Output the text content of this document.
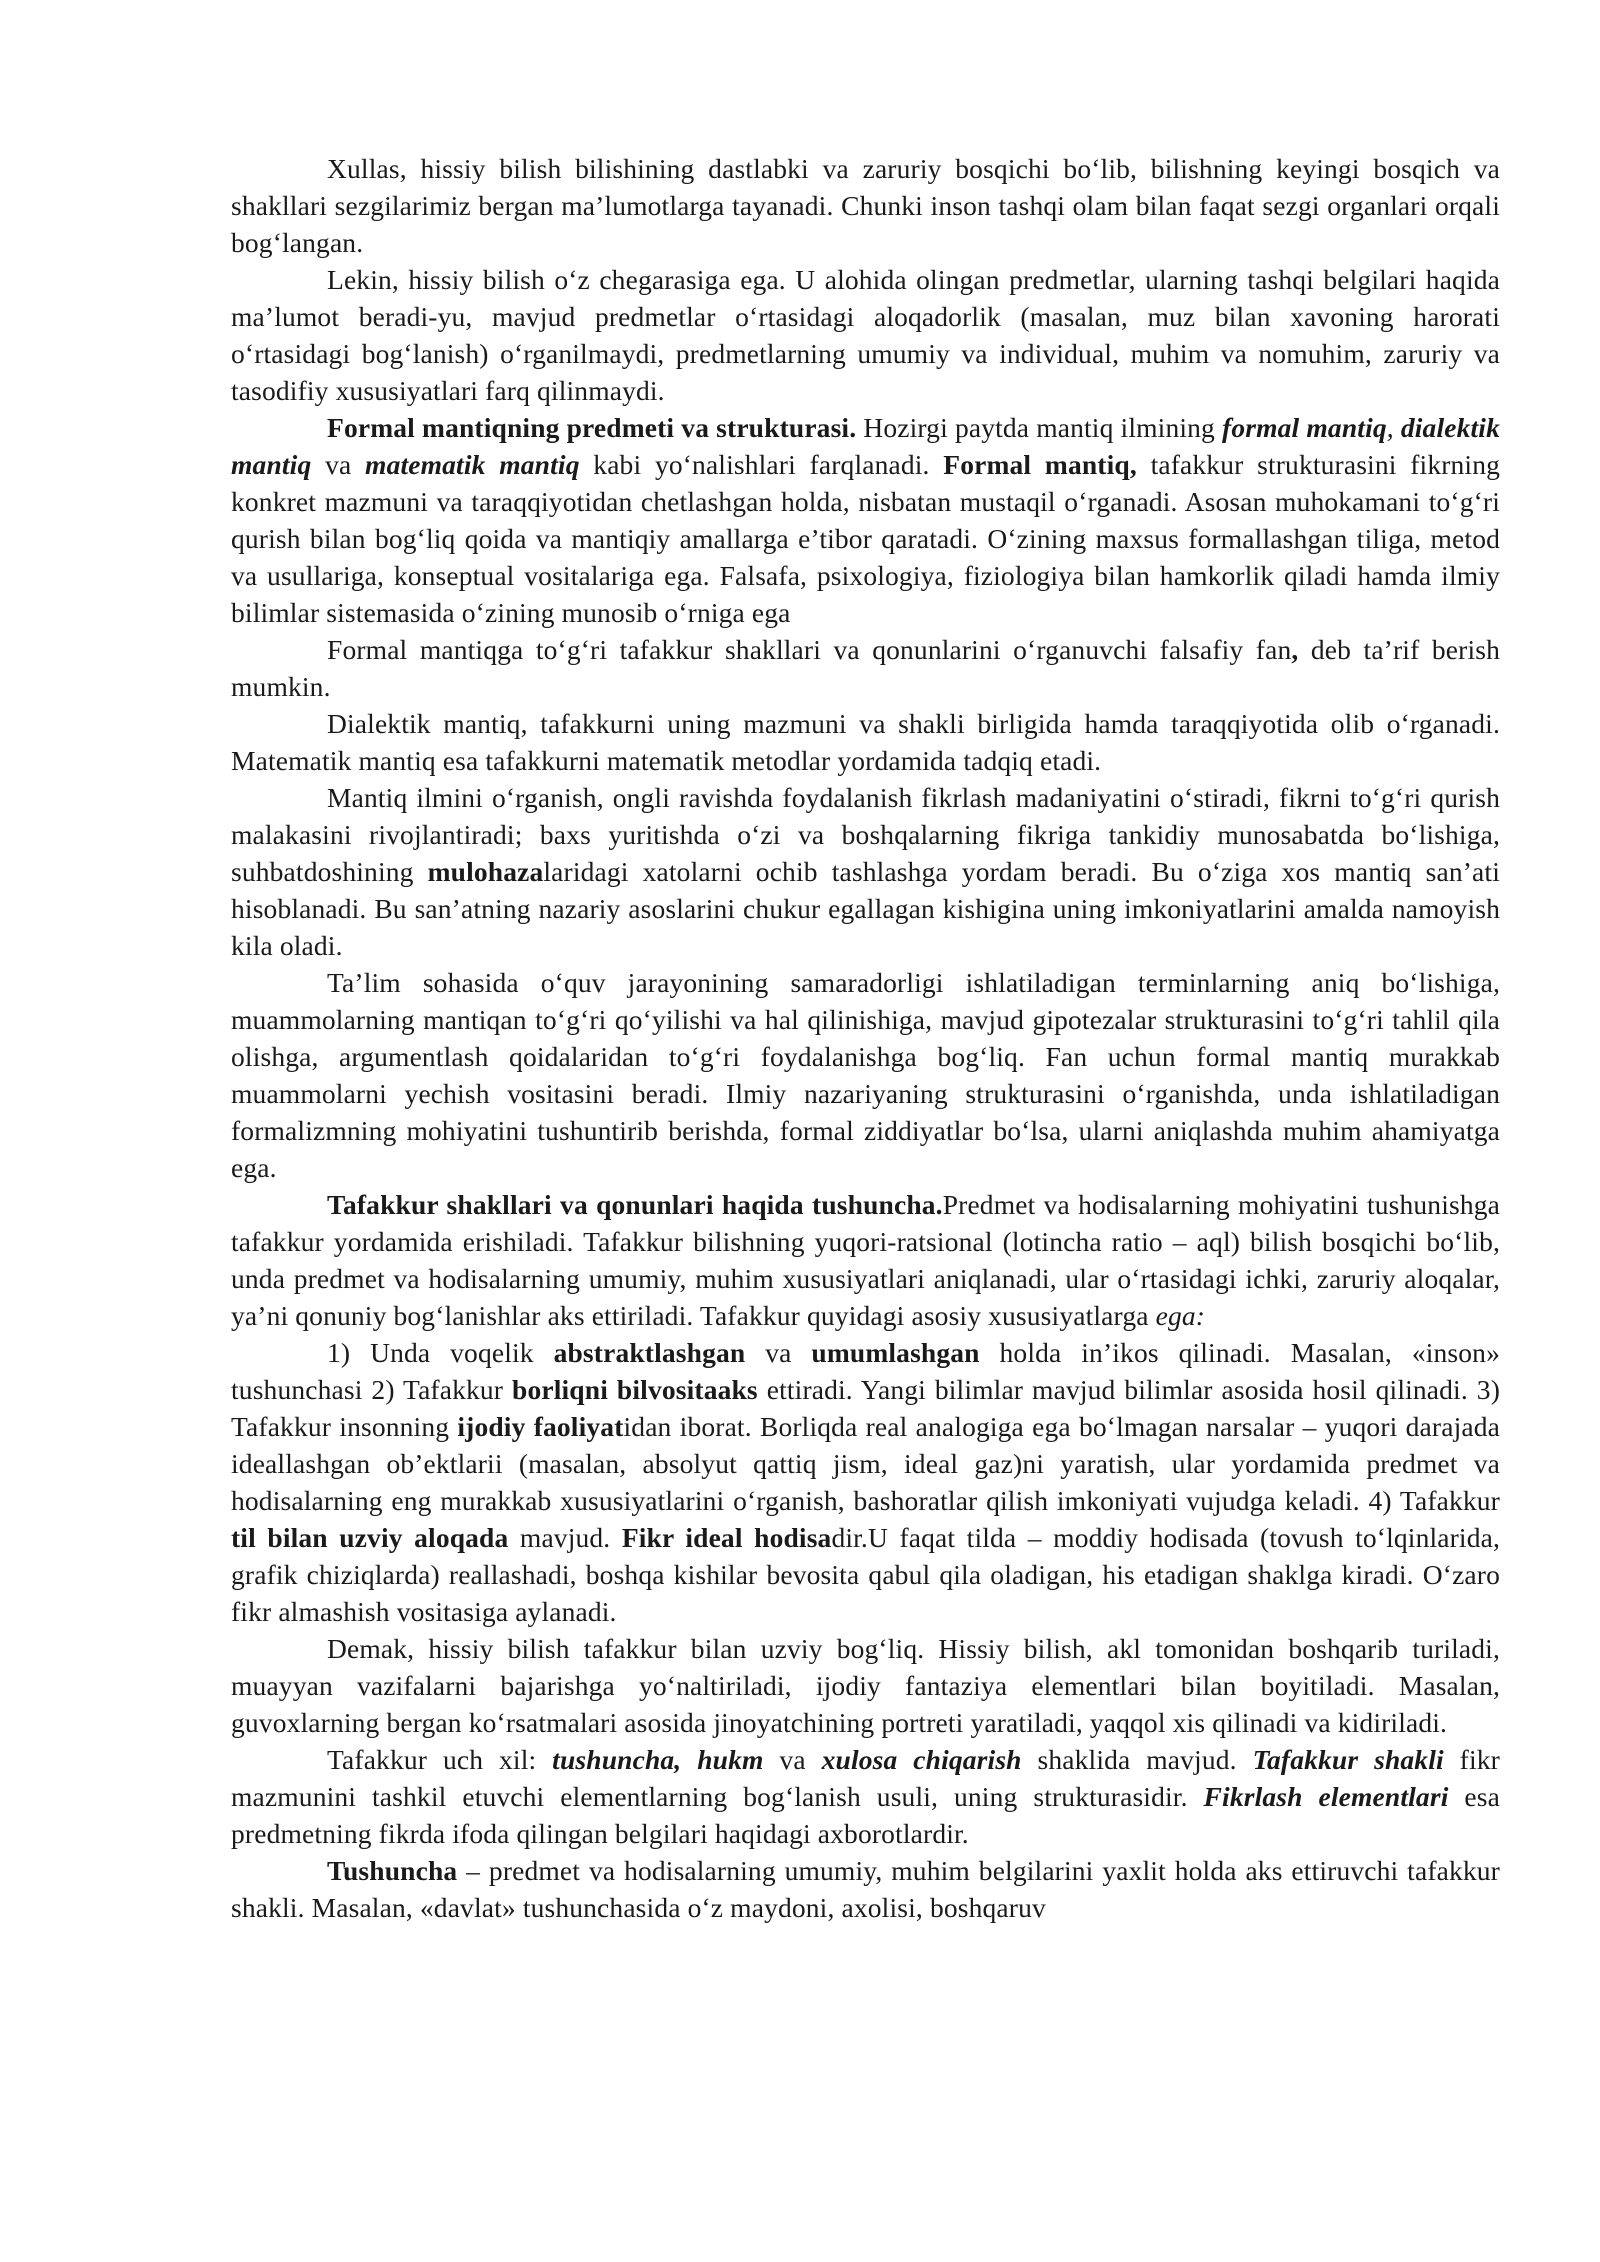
Xullas, hissiy bilish bilishining dastlabki va zaruriy bosqichi bo‘lib, bilishning keyingi bosqich va shakllari sezgilarimiz bergan ma’lumotlarga tayanadi. Chunki inson tashqi olam bilan faqat sezgi organlari orqali bog‘langan.

Lekin, hissiy bilish o‘z chegarasiga ega. U alohida olingan predmetlar, ularning tashqi belgilari haqida ma’lumot beradi-yu, mavjud predmetlar o‘rtasidagi aloqadorlik (masalan, muz bilan xavoning harorati o‘rtasidagi bog‘lanish) o‘rganilmaydi, predmetlarning umumiy va individual, muhim va nomuhim, zaruriy va tasodifiy xususiyatlari farq qilinmaydi.

Formal mantiqning predmeti va strukturasi. Hozirgi paytda mantiq ilmining formal mantiq, dialektik mantiq va matematik mantiq kabi yo‘nalishlari farqlanadi. Formal mantiq, tafakkur strukturasini fikrning konkret mazmuni va taraqqiyotidan chetlashgan holda, nisbatan mustaqil o‘rganadi. Asosan muhokamani to‘g‘ri qurish bilan bog‘liq qoida va mantiqiy amallarga e’tibor qaratadi. O‘zining maxsus formallashgan tiliga, metod va usullariga, konseptual vositalariga ega. Falsafa, psixologiya, fiziologiya bilan hamkorlik qiladi hamda ilmiy bilimlar sistemasida o‘zining munosib o‘rniga ega

Formal mantiqga to‘g‘ri tafakkur shakllari va qonunlarini o‘rganuvchi falsafiy fan, deb ta’rif berish mumkin.

Dialektik mantiq, tafakkurni uning mazmuni va shakli birligida hamda taraqqiyotida olib o‘rganadi. Matematik mantiq esa tafakkurni matematik metodlar yordamida tadqiq etadi.

Mantiq ilmini o‘rganish, ongli ravishda foydalanish fikrlash madaniyatini o‘stiradi, fikrni to‘g‘ri qurish malakasini rivojlantiradi; baxs yuritishda o‘zi va boshqalarning fikriga tankidiy munosabatda bo‘lishiga, suhbatdoshining mulohazalaridagi xatolarni ochib tashlashga yordam beradi. Bu o‘ziga xos mantiq san’ati hisoblanadi. Bu san’atning nazariy asoslarini chukur egallagan kishigina uning imkoniyatlarini amalda namoyish kila oladi.

Ta’lim sohasida o‘quv jarayonining samaradorligi ishlatiladigan terminlarning aniq bo‘lishiga, muammolarning mantiqan to‘g‘ri qo‘yilishi va hal qilinishiga, mavjud gipotezalar strukturasini to‘g‘ri tahlil qila olishga, argumentlash qoidalaridan to‘g‘ri foydalanishga bog‘liq. Fan uchun formal mantiq murakkab muammolarni yechish vositasini beradi. Ilmiy nazariyaning strukturasini o‘rganishda, unda ishlatiladigan formalizmning mohiyatini tushuntirib berishda, formal ziddiyatlar bo‘lsa, ularni aniqlashda muhim ahamiyatga ega.

Tafakkur shakllari va qonunlari haqida tushuncha.Predmet va hodisalarning mohiyatini tushunishga tafakkur yordamida erishiladi. Tafakkur bilishning yuqori-ratsional (lotincha ratio – aql) bilish bosqichi bo‘lib, unda predmet va hodisalarning umumiy, muhim xususiyatlari aniqlanadi, ular o‘rtasidagi ichki, zaruriy aloqalar, ya’ni qonuniy bog‘lanishlar aks ettiriladi. Tafakkur quyidagi asosiy xususiyatlarga ega:

1) Unda voqelik abstraktlashgan va umumlashgan holda in’ikos qilinadi. Masalan, «inson» tushunchasi 2) Tafakkur borliqni bilvositaaks ettiradi. Yangi bilimlar mavjud bilimlar asosida hosil qilinadi. 3) Tafakkur insonning ijodiy faoliyatidan iborat. Borliqda real analogiga ega bo‘lmagan narsalar – yuqori darajada ideallashgan ob’ektlarii (masalan, absolyut qattiq jism, ideal gaz)ni yaratish, ular yordamida predmet va hodisalarning eng murakkab xususiyatlarini o‘rganish, bashoratlar qilish imkoniyati vujudga keladi. 4) Tafakkur til bilan uzviy aloqada mavjud. Fikr ideal hodisadir.U faqat tilda – moddiy hodisada (tovush to‘lqinlarida, grafik chiziqlarda) reallashadi, boshqa kishilar bevosita qabul qila oladigan, his etadigan shaklga kiradi. O‘zaro fikr almashish vositasiga aylanadi.

Demak, hissiy bilish tafakkur bilan uzviy bog‘liq. Hissiy bilish, akl tomonidan boshqarib turiladi, muayyan vazifalarni bajarishga yo‘naltiriladi, ijodiy fantaziya elementlari bilan boyitiladi. Masalan, guvoxlarning bergan ko‘rsatmalari asosida jinoyatchining portreti yaratiladi, yaqqol xis qilinadi va kidiriladi.

Tafakkur uch xil: tushuncha, hukm va xulosa chiqarish shaklida mavjud. Tafakkur shakli fikr mazmunini tashkil etuvchi elementlarning bog‘lanish usuli, uning strukturasidir. Fikrlash elementlari esa predmetning fikrda ifoda qilingan belgilari haqidagi axborotlardir.

Tushuncha – predmet va hodisalarning umumiy, muhim belgilarini yaxlit holda aks ettiruvchi tafakkur shakli. Masalan, «davlat» tushunchasida o‘z maydoni, axolisi, boshqaruv
